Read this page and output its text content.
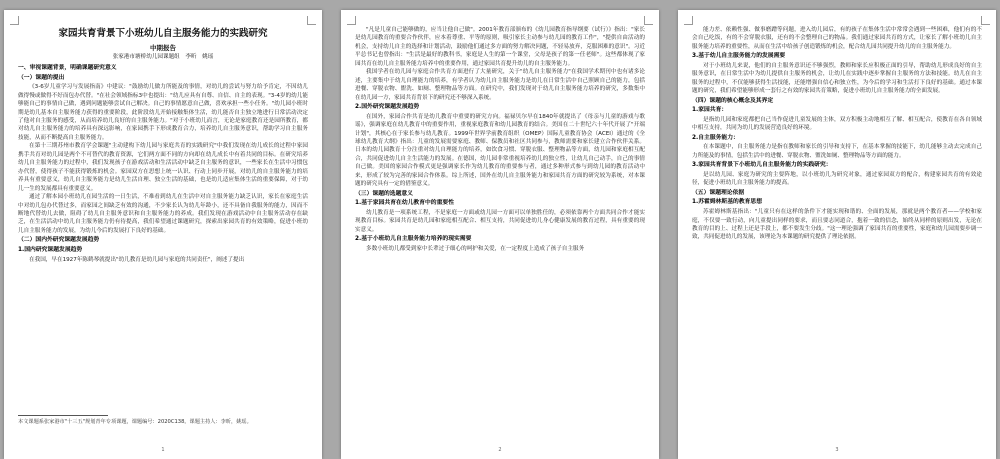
家园共育背景下小班幼儿自主服务能力的实践研究
中期报告
张家港市塘桥幼儿园课题组　李昕　姚瑶
一、审视课题背景，明确课题研究意义
（一）课题的提出
《3-6岁儿童学习与发展指南》中建议："鼓励幼儿做力所能及的事情，对幼儿的尝试与努力给予肯定，不因幼儿做得慢或做得不好而包办代替。"在社会领域指标3中也提出："幼儿应具有自尊、自信、自主的表现。"3-4岁的幼儿能够能自己的事情自己做，遇到问题能够尝试自己解决。自己的事情愿意自己做，喜欢承担一些小任务。"幼儿园小班时期是幼儿基本自主服务能力获得的重要阶段，此阶段幼儿开始接触集体生活，幼儿能否自主独立地进行日常活动决定了他对自主服务的感受，从而培养幼儿良好的自主服务能力。"对于小班幼儿而言，无论是家庭教育还是园所教育，都对幼儿自主服务能力的培养具有深远影响，在家园携手下形成教育合力，培养幼儿自主服务意识，帮助学习自主服务技能，从而不断提高自主服务能力。
在第十三期苏州市教育学会课题"主动建构下幼儿园与家庭共育的实践研究"中我们发现在幼儿成长的过程中家园携手共育对幼儿园是两个不可替代的教育资源，它们两方面不同的方向却在幼儿成长中有着共同的目标。在研究培养幼儿自主服务能力的过程中，我们发现孩子在游戏活动和生活活动中缺乏自主服务的意识，一些家长在生活中习惯包办代替，使得孩子不能获得锻炼的机会。家园双方在思想上统一认识、行动上同步开展，对幼儿的自主服务能力的培养具有重要意义，幼儿自主服务能力是幼儿生活自理、独立生活的基础，也是幼儿适应集体生活的重要保障，对于幼儿一生的发展都具有重要意义。
通过了解本园小班幼儿在园生活的一日生活，不难看到幼儿在生活中对自主服务能力缺乏认识，家长在家庭生活中对幼儿包办代替过多，而家园之间缺乏有效的沟通，不少家长认为幼儿年龄小，还不具备自我服务的能力，因而不断地代替幼儿去做，阻碍了幼儿自主服务意识和自主服务能力的养成。我们发现在游戏活动中自主服务活动存在缺乏，在生活活动中幼儿自主服务能力仍有待提高，我们希望通过课题研究，探索出家园共育的有效策略，促进小班幼儿自主服务能力的发展，为幼儿今后的发展打下良好的基础。
（二）国内外研究课题发展趋势
1.国内研究课题发展趋势
在我国，早在1927年陈鹤琴就提出"幼儿教育是幼儿园与家庭的共同责任"，阐述了提出
本文课题系张家港市"十三五"规划青年专项课题，课题编号：2020C138。课题主持人：李昕，姚瑶。
1
"凡是儿童自己能够做的，应当让他自己做"。2001年教育部颁布的《幼儿园教育指导纲要（试行）》指出："家长是幼儿园教育的重要合作伙伴，应本着尊重、平等的原则，吸引家长主动参与幼儿园的教育工作"，"提供自由活动的机会，支持幼儿自主的选择和计划活动，鼓励他们通过多方面的努力解决问题，不轻易放弃，克服困难的意识"。习近平总书记也曾指出："生活是最好的教科书，家庭是人生的第一个课堂，父母是孩子的第一任老师"。这些都体现了家园共育在幼儿自主服务能力培养中的重要作用，通过家园共育提升幼儿的自主服务能力。
我国学者在幼儿园与家庭合作共育方面进行了大量研究，关于"幼儿自主服务能力"在我国学术期刊中也有诸多论述，主要集中于幼儿自理能力的培养，有学者认为幼儿自主服务能力是幼儿在日常生活中自己照顾自己的能力，包括进餐、穿脱衣物、盥洗、如厕、整理物品等方面。在研究中，我们发现对于幼儿自主服务能力培养的研究，多数集中在幼儿园一方，家园共育背景下的研究还不够深入系统。
2.国外研究课题发展趋势
在国外，家园合作共育是幼儿教育中重要的研究方向。福禄贝尔早在1840年就提出了《母亲与儿童的游戏与歌谣》，强调家庭在幼儿教育中的重要作用，重视家庭教育和幼儿园教育的结合。美国在二十世纪六十年代开展了"开端计划"，其核心在于家长参与幼儿教育。1999年世界学前教育组织（OMEP）国际儿童教育协会（ACEI）通过的《全球幼儿教育大纲》指出：儿童的发展需要家庭、教师、保教员和社区共同参与，教师需要和家长建立合作伙伴关系。日本的幼儿园教育十分注重对幼儿自理能力的培养，如饮食习惯、穿脱衣服、整理物品等方面，幼儿园和家庭相互配合，共同促进幼儿自主生活能力的发展。在德国，幼儿园非常重视培养幼儿的独立性，让幼儿自己动手，自己的事情自己做。美国的家园合作模式更是强调家长作为幼儿教育的重要参与者，通过多种形式参与到幼儿园的教育活动中来，形成了较为完善的家园合作体系。综上所述，国外在幼儿自主服务能力和家园共育方面的研究较为系统，对本课题的研究具有一定的借鉴意义。
（三）课题的选题意义
1.基于家园共育在幼儿教育中的重要性
幼儿教育是一项系统工程，不是家庭一方面或幼儿园一方面可以单独胜任的，必须依靠两个方面共同合作才能实现教育目标。家园共育是幼儿园和家庭相互配合、相互支持，共同促进幼儿身心健康发展的教育过程，具有重要的现实意义。
2.基于小班幼儿自主服务能力培养的现实需要
多数小班幼儿都受到家中长辈过于细心的呵护和关爱，在一定程度上造成了孩子自主服务
2
能力差、依赖性强、做事磨蹭等问题，进入幼儿园后，有的孩子在集体生活中常常会遇到一些困难，他们有的不会自己吃饭，有的不会穿脱衣服，还有的不会整理自己的物品。我们通过家园共育的方式，让家长了解小班幼儿自主服务能力培养的重要性，从而在生活中给孩子创造锻炼的机会，配合幼儿园共同提升幼儿的自主服务能力。
3.基于幼儿自主服务能力的发展需要
对于小班幼儿来说，他们的自主服务意识还不够强烈，教师和家长应积极正面的引导，帮助幼儿形成良好的自主服务意识，在日常生活中为幼儿提供自主服务的机会，让幼儿在实践中逐步掌握自主服务的方法和技能。幼儿在自主服务的过程中，不仅能够获得生活技能，还能增强自信心和独立性，为今后的学习和生活打下良好的基础。通过本课题的研究，我们希望能够形成一套行之有效的家园共育策略，促进小班幼儿自主服务能力的全面发展。
（四）课题的核心概念及其界定
1.家园共育：
是指幼儿园和家庭都把自己当作促进儿童发展的主体，双方积极主动地相互了解、相互配合，使教育在各自领域中相互支持，共同为幼儿的发展营造良好的环境。
2.自主服务能力：
在本课题中，自主服务能力是指在教师和家长的引导和支持下，在基本掌握的技能下，幼儿能够主动去完成自己力所能及的事情，包括生活中的进餐、穿脱衣物、盥洗如厕、整理物品等方面的能力。
3.家园共育背景下小班幼儿自主服务能力的实践研究：
是以幼儿园、家庭为研究的主要阵地，以小班幼儿为研究对象，通过家园双方的配合，构建家园共育的有效途径，促进小班幼儿自主服务能力的提高。
（五）课题理论依据
1.苏霍姆林斯基的教育思想
苏霍姆林斯基指出："儿童只有在这样的条件下才能实现和谐的、全面的发展，那就是两个教育者——学校和家庭，不仅要一致行动，向儿童提出同样的要求，而且要志同道合，抱着一致的信念，始终从同样的原则出发，无论在教育的目的上、过程上还是手段上，都不要发生分歧。"这一理论强调了家园共育的重要性，家庭和幼儿园需要步调一致，共同促进幼儿的发展，该理论为本课题的研究提供了理论依据。
3
